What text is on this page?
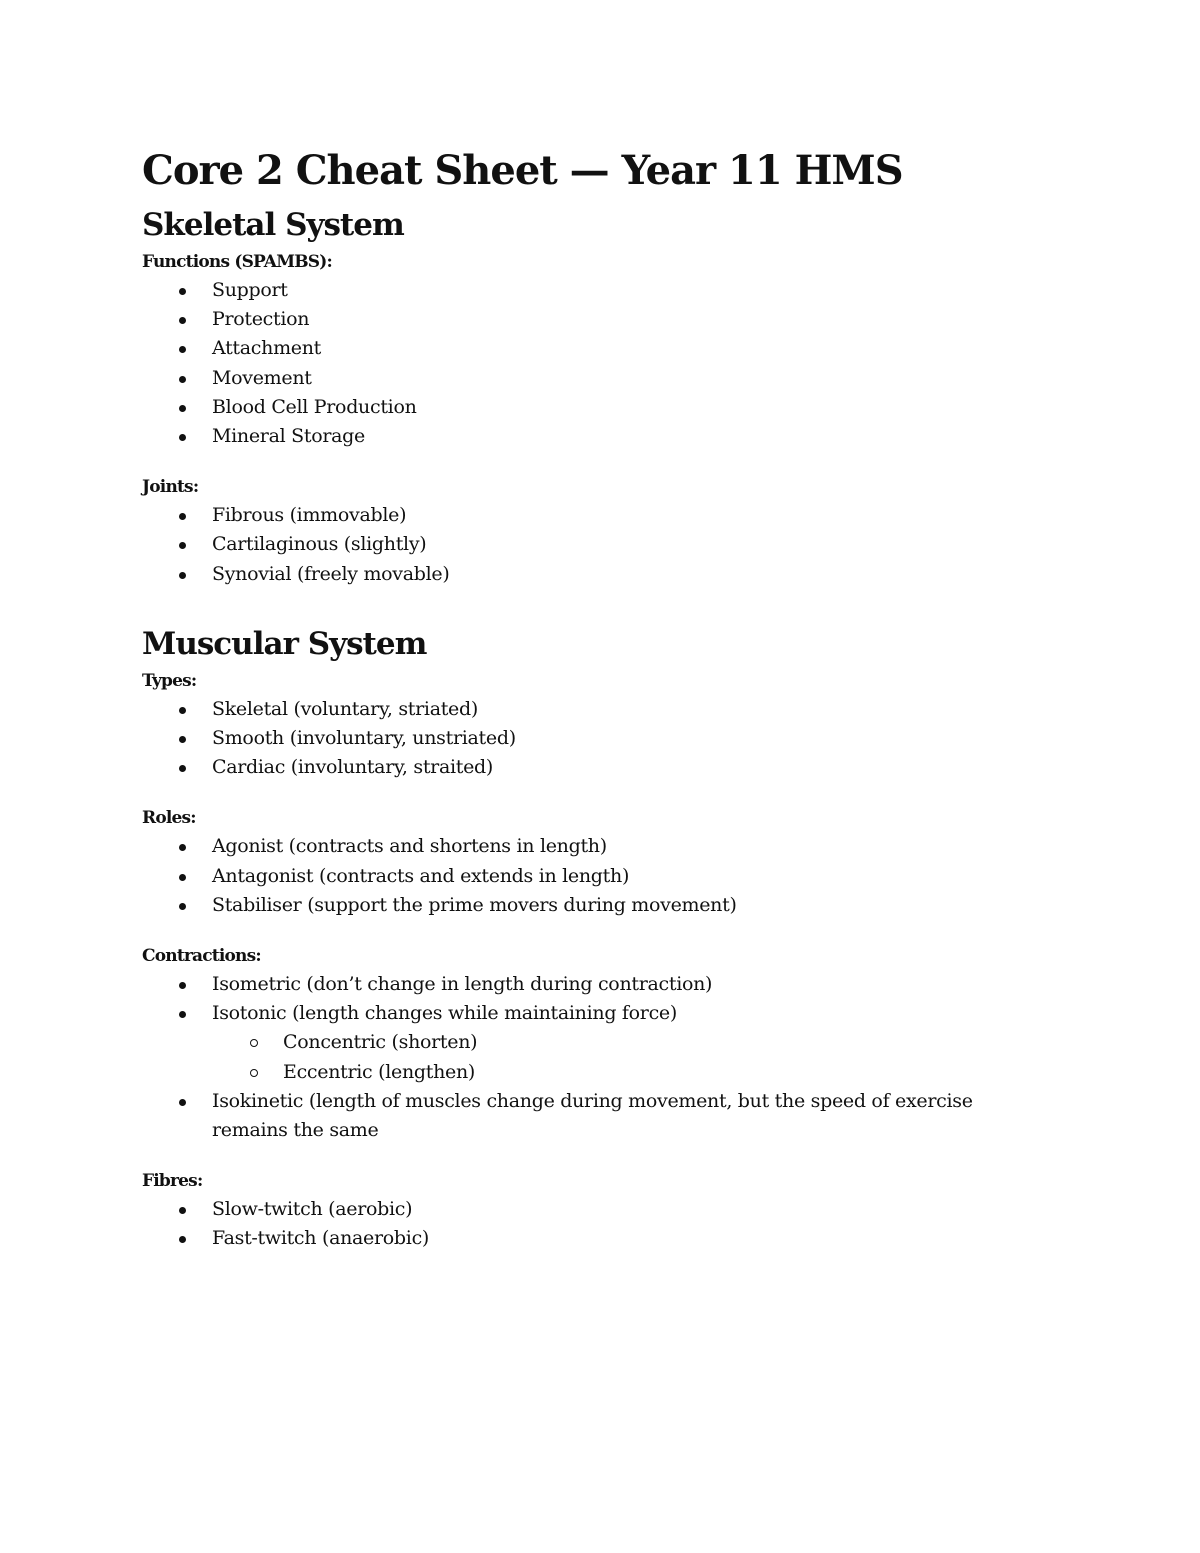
Core 2 Cheat Sheet — Year 11 HMS
Skeletal System
Functions (SPAMBS):
Support
Protection
Attachment
Movement
Blood Cell Production
Mineral Storage
Joints:
Fibrous (immovable)
Cartilaginous (slightly)
Synovial (freely movable)
Muscular System
Types:
Skeletal (voluntary, striated)
Smooth (involuntary, unstriated)
Cardiac (involuntary, straited)
Roles:
Agonist (contracts and shortens in length)
Antagonist (contracts and extends in length)
Stabiliser (support the prime movers during movement)
Contractions:
Isometric (don’t change in length during contraction)
Isotonic (length changes while maintaining force)
Concentric (shorten)
Eccentric (lengthen)
Isokinetic (length of muscles change during movement, but the speed of exercise remains the same
Fibres:
Slow-twitch (aerobic)
Fast-twitch (anaerobic)
